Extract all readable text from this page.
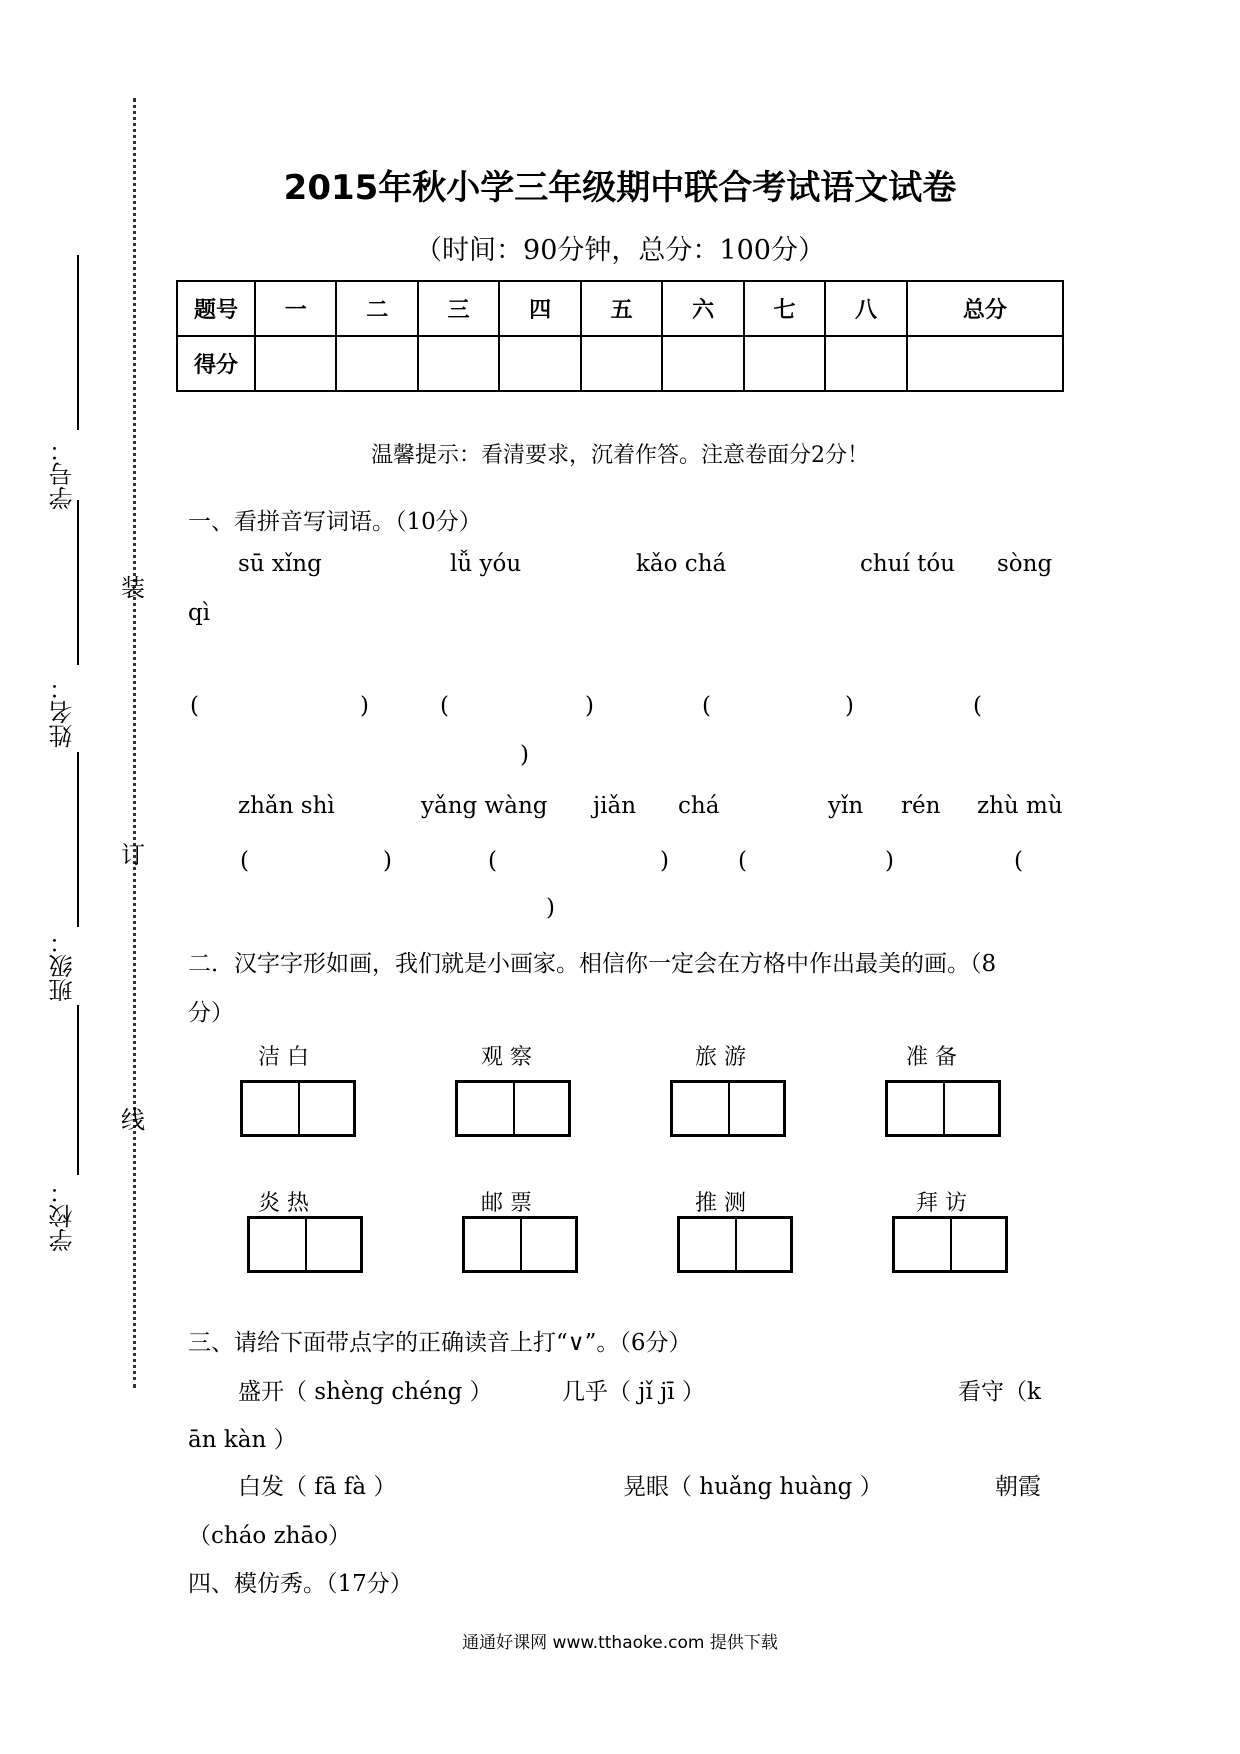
学号：
姓名：
班级：
学校：
装
订
线
2015年秋小学三年级期中联合考试语文试卷
（时间：90分钟，总分：100分）
题号	一	二	三	四	五	六	七	八	总分
得分									
温馨提示：看清要求，沉着作答。注意卷面分2分！
一、看拼音写词语。（10分）
sū xǐng	lǚ yóu	kǎo chá	chuí tóu sòng
qì
(	)	(	)	(	)	(
)
zhǎn shì	yǎng wàng jiǎn chá	yǐn rén zhù mù
(	)	(	)	(	)	(
)
二．汉字字形如画，我们就是小画家。相信你一定会在方格中作出最美的画。（8
分）
洁 白	观 察	旅 游	准 备
炎 热	邮 票	推 测	拜 访
三、请给下面带点字的正确读音上打“∨”。（6分）
盛开（ shèng chéng ）	几乎（ jǐ jī ）	看守（k
ān kàn ）
白发（ fā fà ）	晃眼（ huǎng huàng ）	朝霞
（cháo zhāo）
四、模仿秀。（17分）
通通好课网 www.tthaoke.com 提供下载
